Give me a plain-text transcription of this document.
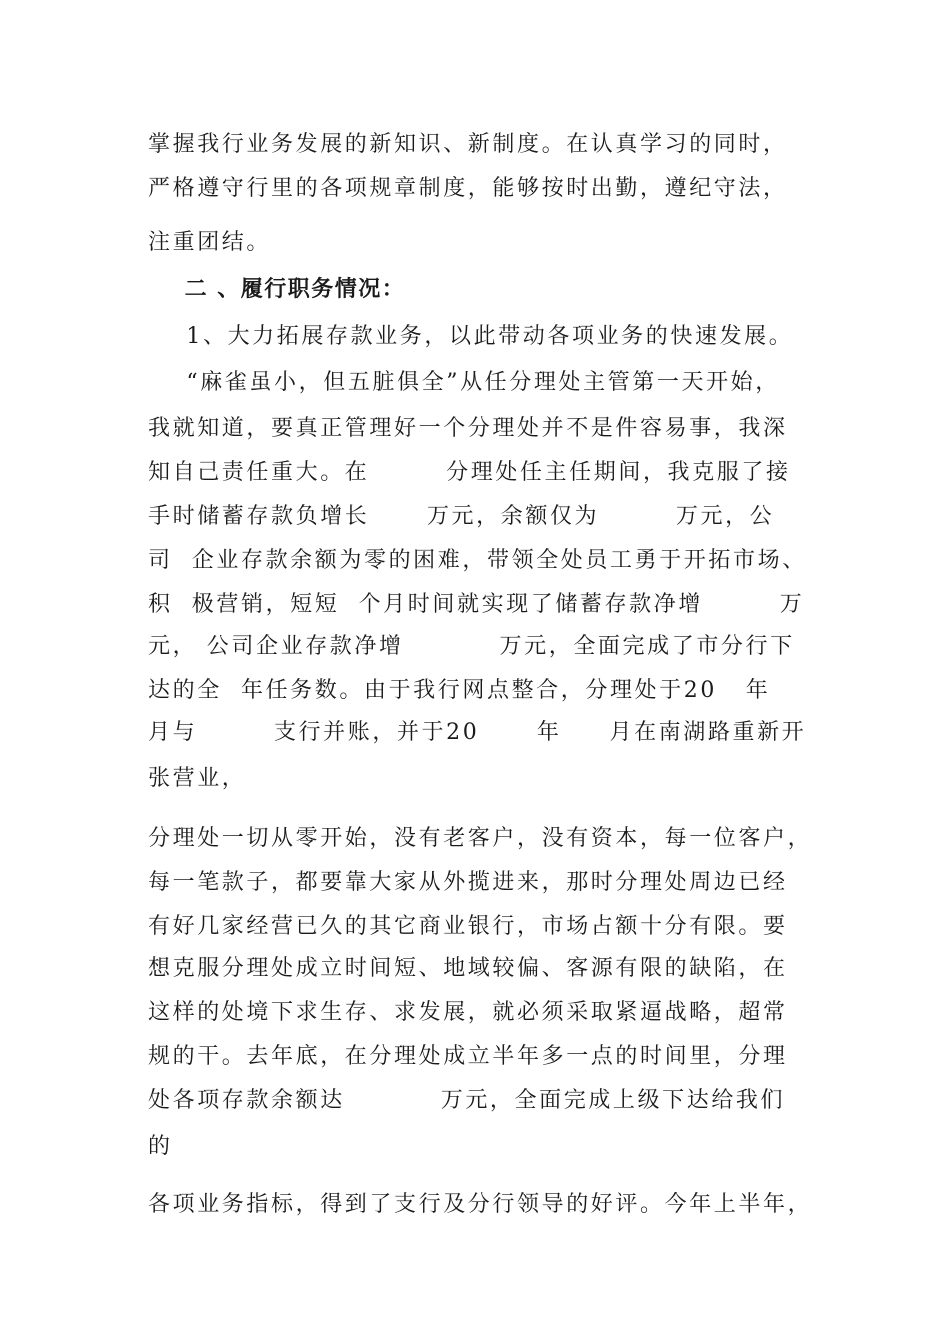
掌握我行业务发展的新知识、新制度。在认真学习的同时，
严格遵守行里的各项规章制度，能够按时出勤，遵纪守法，
注重团结。
二 、履行职务情况：
1、大力拓展存款业务，以此带动各项业务的快速发展。
“麻雀虽小，但五脏俱全”从任分理处主管第一天开始，
我就知道，要真正管理好一个分理处并不是件容易事，我深
知自己责任重大。在        分理处任主任期间，我克服了接
手时储蓄存款负增长      万元，余额仅为        万元，公
司  企业存款余额为零的困难，带领全处员工勇于开拓市场、
积  极营销，短短  个月时间就实现了储蓄存款净增        万
元， 公司企业存款净增          万元，全面完成了市分行下
达的全  年任务数。由于我行网点整合，分理处于20   年
月与        支行并账，并于20      年     月在南湖路重新开
张营业，
分理处一切从零开始，没有老客户，没有资本，每一位客户，
每一笔款子，都要靠大家从外揽进来，那时分理处周边已经
有好几家经营已久的其它商业银行，市场占额十分有限。要
想克服分理处成立时间短、地域较偏、客源有限的缺陷，在
这样的处境下求生存、求发展，就必须采取紧逼战略，超常
规的干。去年底，在分理处成立半年多一点的时间里，分理
处各项存款余额达          万元，全面完成上级下达给我们
的
各项业务指标，得到了支行及分行领导的好评。今年上半年，
